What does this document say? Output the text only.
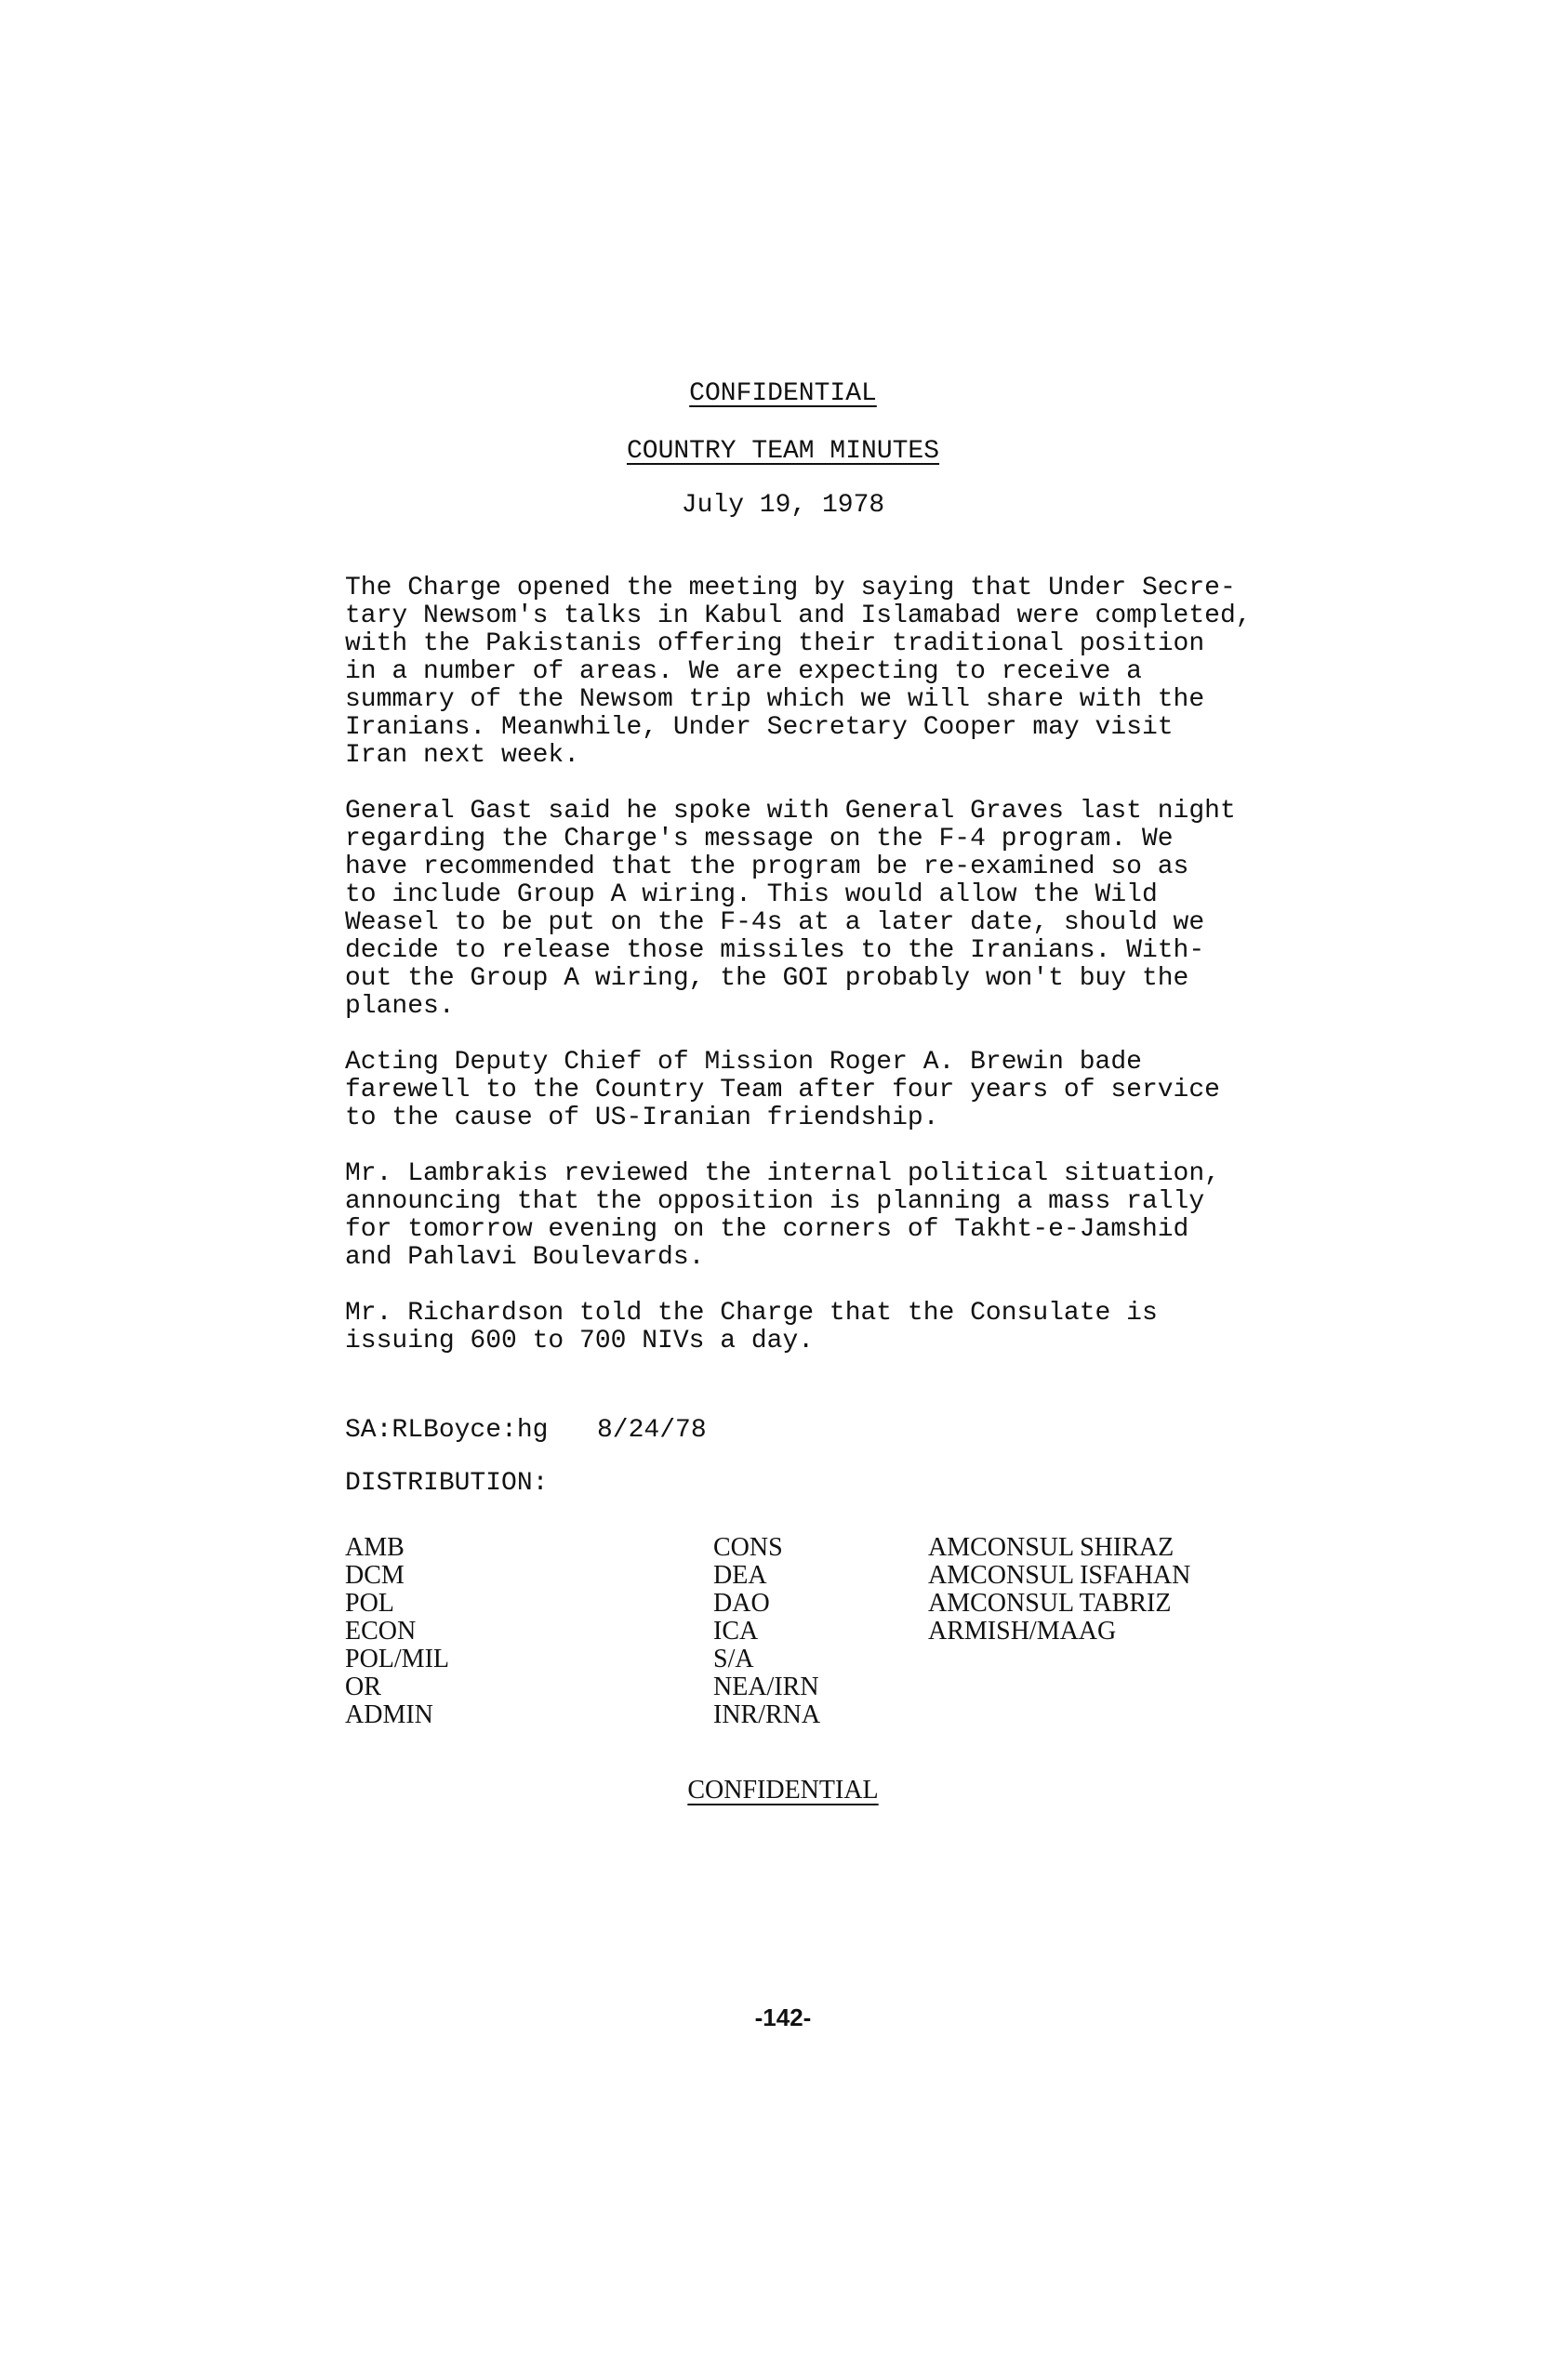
CONFIDENTIAL
COUNTRY TEAM MINUTES
July 19, 1978
The Charge opened the meeting by saying that Under Secre-
tary Newsom's talks in Kabul and Islamabad were completed,
with the Pakistanis offering their traditional position
in a number of areas. We are expecting to receive a
summary of the Newsom trip which we will share with the
Iranians. Meanwhile, Under Secretary Cooper may visit
Iran next week.
General Gast said he spoke with General Graves last night
regarding the Charge's message on the F-4 program. We
have recommended that the program be re-examined so as
to include Group A wiring. This would allow the Wild
Weasel to be put on the F-4s at a later date, should we
decide to release those missiles to the Iranians. With-
out the Group A wiring, the GOI probably won't buy the
planes.
Acting Deputy Chief of Mission Roger A. Brewin bade
farewell to the Country Team after four years of service
to the cause of US-Iranian friendship.
Mr. Lambrakis reviewed the internal political situation,
announcing that the opposition is planning a mass rally
for tomorrow evening on the corners of Takht-e-Jamshid
and Pahlavi Boulevards.
Mr. Richardson told the Charge that the Consulate is
issuing 600 to 700 NIVs a day.
SA:RLBoyce:hg 8/24/78
DISTRIBUTION:
AMB
DCM
POL
ECON
POL/MIL
OR
ADMIN
CONS
DEA
DAO
ICA
S/A
NEA/IRN
INR/RNA
AMCONSUL SHIRAZ
AMCONSUL ISFAHAN
AMCONSUL TABRIZ
ARMISH/MAAG
CONFIDENTIAL
-142-
